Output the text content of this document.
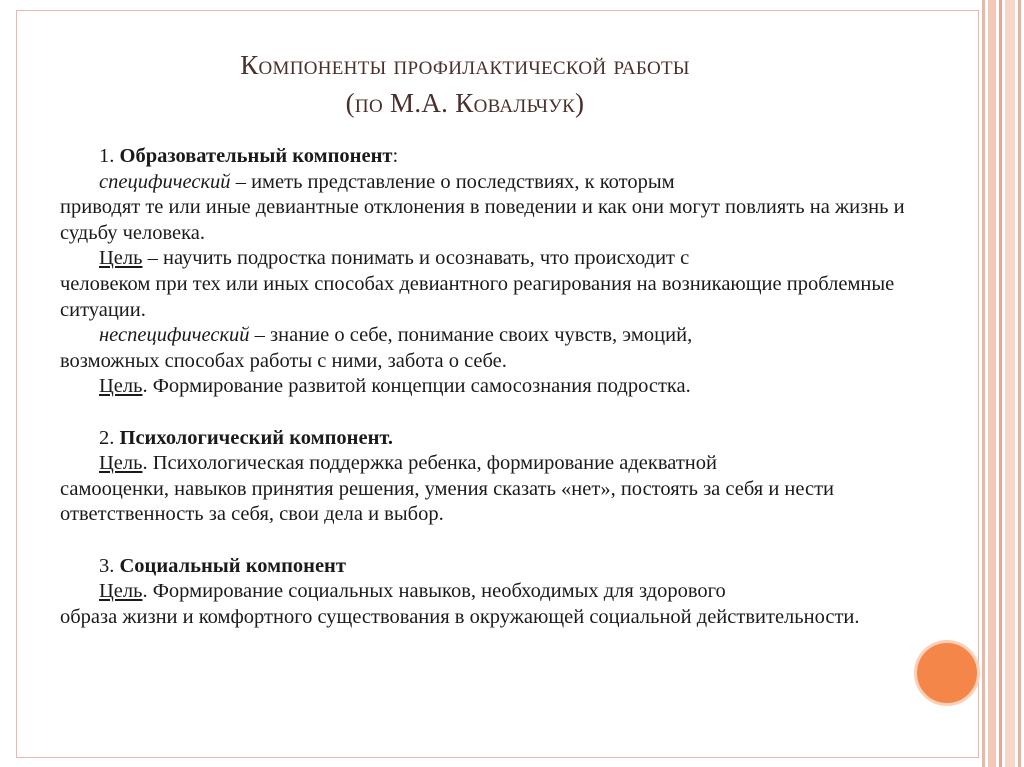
Компоненты профилактической работы
(по М.А. Ковальчук)

1. Образовательный компонент:

специфический – иметь представление о последствиях, к которым
приводят те или иные девиантные отклонения в поведении и как они могут повлиять на жизнь и судьбу человека.

Цель – научить подростка понимать и осознавать, что происходит с
человеком при тех или иных способах девиантного реагирования на возникающие проблемные ситуации.

неспецифический – знание о себе, понимание своих чувств, эмоций,
возможных способах работы с ними, забота о себе.

Цель. Формирование развитой концепции самосознания подростка.

2. Психологический компонент.

Цель. Психологическая поддержка ребенка, формирование адекватной
самооценки, навыков принятия решения, умения сказать «нет», постоять за себя и нести ответственность за себя, свои дела и выбор.

3. Социальный компонент

Цель. Формирование социальных навыков, необходимых для здорового
образа жизни и комфортного существования в окружающей социальной действительности.
